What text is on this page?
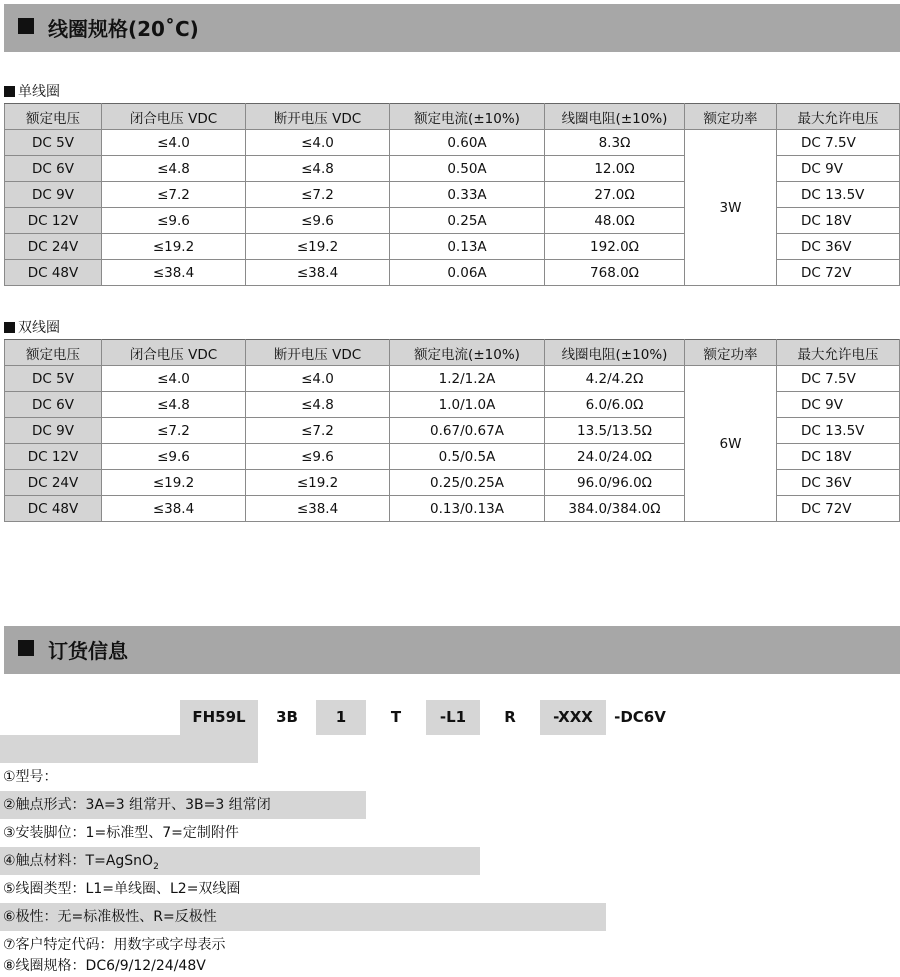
线圈规格(20˚C)
单线圈
额定电压	闭合电压 VDC	断开电压 VDC	额定电流(±10%)	线圈电阻(±10%)	额定功率	最大允许电压
DC 5V	≤4.0	≤4.0	0.60A	8.3Ω	3W	DC 7.5V
DC 6V	≤4.8	≤4.8	0.50A	12.0Ω		DC 9V
DC 9V	≤7.2	≤7.2	0.33A	27.0Ω		DC 13.5V
DC 12V	≤9.6	≤9.6	0.25A	48.0Ω		DC 18V
DC 24V	≤19.2	≤19.2	0.13A	192.0Ω		DC 36V
DC 48V	≤38.4	≤38.4	0.06A	768.0Ω		DC 72V
双线圈
额定电压	闭合电压 VDC	断开电压 VDC	额定电流(±10%)	线圈电阻(±10%)	额定功率	最大允许电压
DC 5V	≤4.0	≤4.0	1.2/1.2A	4.2/4.2Ω	6W	DC 7.5V
DC 6V	≤4.8	≤4.8	1.0/1.0A	6.0/6.0Ω		DC 9V
DC 9V	≤7.2	≤7.2	0.67/0.67A	13.5/13.5Ω		DC 13.5V
DC 12V	≤9.6	≤9.6	0.5/0.5A	24.0/24.0Ω		DC 18V
DC 24V	≤19.2	≤19.2	0.25/0.25A	96.0/96.0Ω		DC 36V
DC 48V	≤38.4	≤38.4	0.13/0.13A	384.0/384.0Ω		DC 72V
订货信息
FH59L	3B	1	T	-L1	R	-XXX	-DC6V
①型号：
②触点形式：3A=3 组常开、3B=3 组常闭
③安装脚位：1=标准型、7=定制附件
④触点材料：T=AgSnO$_2$
⑤线圈类型：L1=单线圈、L2=双线圈
⑥极性：无=标准极性、R=反极性
⑦客户特定代码：用数字或字母表示
⑧线圈规格：DC6/9/12/24/48V
